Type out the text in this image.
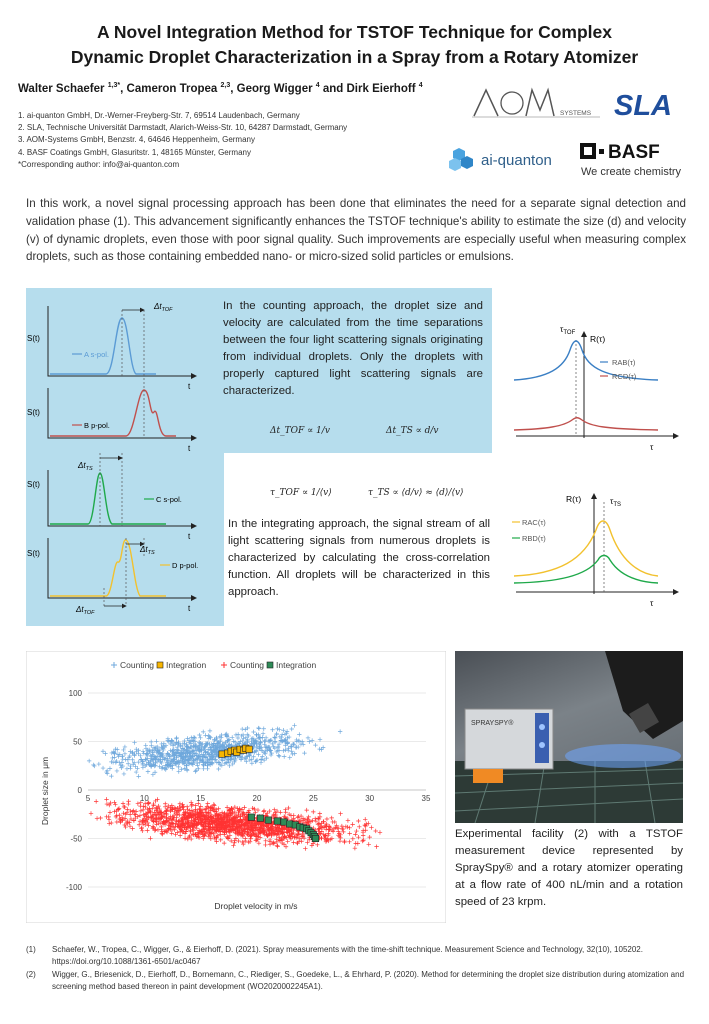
A Novel Integration Method for TSTOF Technique for Complex
Dynamic Droplet Characterization in a Spray from a Rotary Atomizer
Walter Schaefer $^{1,3*}$, Cameron Tropea $^{2,3}$, Georg Wigger $^4$ and Dirk Eierhoff $^4$
1. ai-quanton GmbH, Dr.-Werner-Freyberg-Str. 7, 69514 Laudenbach, Germany
2. SLA, Technische Universität Darmstadt, Alarich-Weiss-Str. 10, 64287 Darmstadt, Germany
3. AOM-Systems GmbH, Benzstr. 4, 64646 Heppenheim, Germany
4. BASF Coatings GmbH, Glasuritstr. 1, 48165 Münster, Germany
*Corresponding author: info@ai-quanton.com
SYSTEMS SLA
ai-quanton	BASF
We create chemistry
In this work, a novel signal processing approach has been done that eliminates the need for a separate signal detection and validation phase (1). This advancement significantly enhances the TSTOF technique's ability to estimate the size (d) and velocity (v) of dynamic droplets, even those with poor signal quality. Such improvements are especially useful when measuring complex droplets, such as those containing embedded nano- or micro-sized solid particles or emulsions.
S(t)
S(t)
S(t)
S(t)
t
t
t
t
A s-pol.
B p-pol.
C s-pol.
D p-pol.
$\Delta t_{TOF}$
$\Delta t_{TS}$
$\Delta t_{TS}$
$\Delta t_{TOF}$
In the counting approach, the droplet size and velocity are calculated from the time separations between the four light scattering signals originating from individual droplets. Only the droplets with properly captured light scattering signals are characterized.
Δt_TOF ∝ 1/v	Δt_TS ∝ d/v
τ_TOF ∝ 1/⟨v⟩	τ_TS ∝ ⟨d/v⟩ ≈ ⟨d⟩/⟨v⟩
In the integrating approach, the signal stream of all light scattering signals from numerous droplets is characterized by calculating the cross-correlation function. All droplets will be characterized in this approach.
$\tau_{TOF}$
R(τ)
RAB(τ)
RCD(τ)
τ
R(τ)	$\tau_{TS}$
RAC(τ)
RBD(τ)
τ
100
50
0
-50
-100
5	10	15	20	25	30	35
Counting Integration	Counting Integration
Droplet velocity in m/s
Droplet size in μm
SPRAYSPY®
Experimental facility (2) with a TSTOF measurement device represented by SpraySpy® and a rotary atomizer operating at a flow rate of 400 nL/min and a rotation speed of 23 krpm.
(1)	Schaefer, W., Tropea, C., Wigger, G., & Eierhoff, D. (2021). Spray measurements with the time-shift technique. Measurement Science and Technology, 32(10), 105202. https://doi.org/10.1088/1361-6501/ac0467
(2)	Wigger, G., Briesenick, D., Eierhoff, D., Bornemann, C., Riediger, S., Goedeke, L., & Ehrhard, P. (2020). Method for determining the droplet size distribution during atomization and screening method based thereon in paint development (WO2020002245A1).
